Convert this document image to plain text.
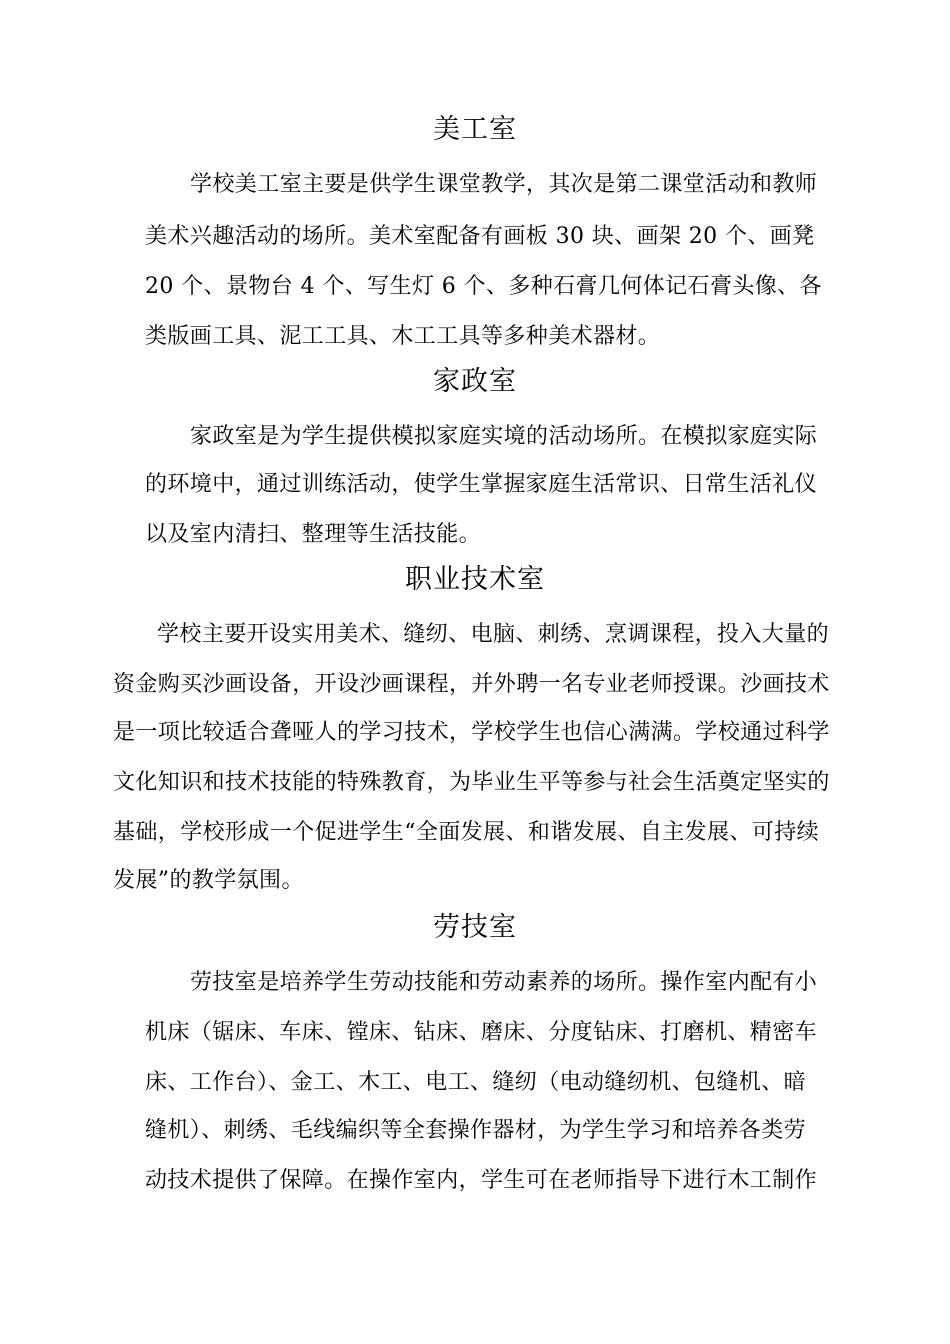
美工室
学校美工室主要是供学生课堂教学，其次是第二课堂活动和教师
美术兴趣活动的场所。美术室配备有画板 30 块、画架 20 个、画凳
20 个、景物台 4 个、写生灯 6 个、多种石膏几何体记石膏头像、各
类版画工具、泥工工具、木工工具等多种美术器材。
家政室
家政室是为学生提供模拟家庭实境的活动场所。在模拟家庭实际
的环境中，通过训练活动，使学生掌握家庭生活常识、日常生活礼仪
以及室内清扫、整理等生活技能。
职业技术室
学校主要开设实用美术、缝纫、电脑、刺绣、烹调课程，投入大量的
资金购买沙画设备，开设沙画课程，并外聘一名专业老师授课。沙画技术
是一项比较适合聋哑人的学习技术，学校学生也信心满满。学校通过科学
文化知识和技术技能的特殊教育，为毕业生平等参与社会生活奠定坚实的
基础，学校形成一个促进学生“全面发展、和谐发展、自主发展、可持续
发展”的教学氛围。
劳技室
劳技室是培养学生劳动技能和劳动素养的场所。操作室内配有小
机床（锯床、车床、镗床、钻床、磨床、分度钻床、打磨机、精密车
床、工作台）、金工、木工、电工、缝纫（电动缝纫机、包缝机、暗
缝机）、刺绣、毛线编织等全套操作器材，为学生学习和培养各类劳
动技术提供了保障。在操作室内，学生可在老师指导下进行木工制作
